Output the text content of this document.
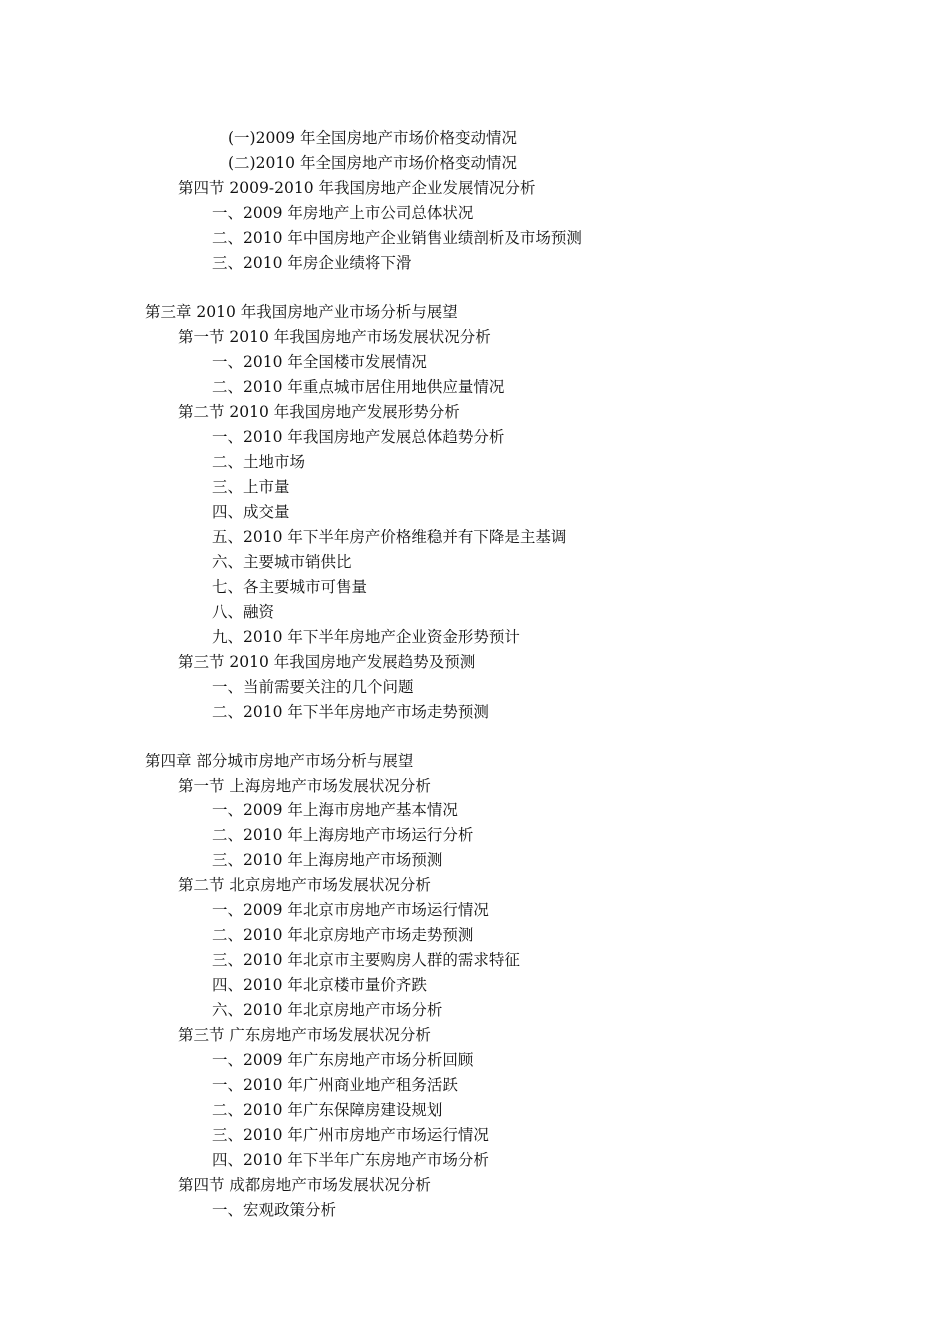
(一)2009 年全国房地产市场价格变动情况
(二)2010 年全国房地产市场价格变动情况
第四节 2009-2010 年我国房地产企业发展情况分析
一、2009 年房地产上市公司总体状况
二、2010 年中国房地产企业销售业绩剖析及市场预测
三、2010 年房企业绩将下滑
第三章 2010 年我国房地产业市场分析与展望
第一节 2010 年我国房地产市场发展状况分析
一、2010 年全国楼市发展情况
二、2010 年重点城市居住用地供应量情况
第二节 2010 年我国房地产发展形势分析
一、2010 年我国房地产发展总体趋势分析
二、土地市场
三、上市量
四、成交量
五、2010 年下半年房产价格维稳并有下降是主基调
六、主要城市销供比
七、各主要城市可售量
八、融资
九、2010 年下半年房地产企业资金形势预计
第三节 2010 年我国房地产发展趋势及预测
一、当前需要关注的几个问题
二、2010 年下半年房地产市场走势预测
第四章 部分城市房地产市场分析与展望
第一节 上海房地产市场发展状况分析
一、2009 年上海市房地产基本情况
二、2010 年上海房地产市场运行分析
三、2010 年上海房地产市场预测
第二节 北京房地产市场发展状况分析
一、2009 年北京市房地产市场运行情况
二、2010 年北京房地产市场走势预测
三、2010 年北京市主要购房人群的需求特征
四、2010 年北京楼市量价齐跌
六、2010 年北京房地产市场分析
第三节 广东房地产市场发展状况分析
一、2009 年广东房地产市场分析回顾
一、2010 年广州商业地产租务活跃
二、2010 年广东保障房建设规划
三、2010 年广州市房地产市场运行情况
四、2010 年下半年广东房地产市场分析
第四节 成都房地产市场发展状况分析
一、宏观政策分析
